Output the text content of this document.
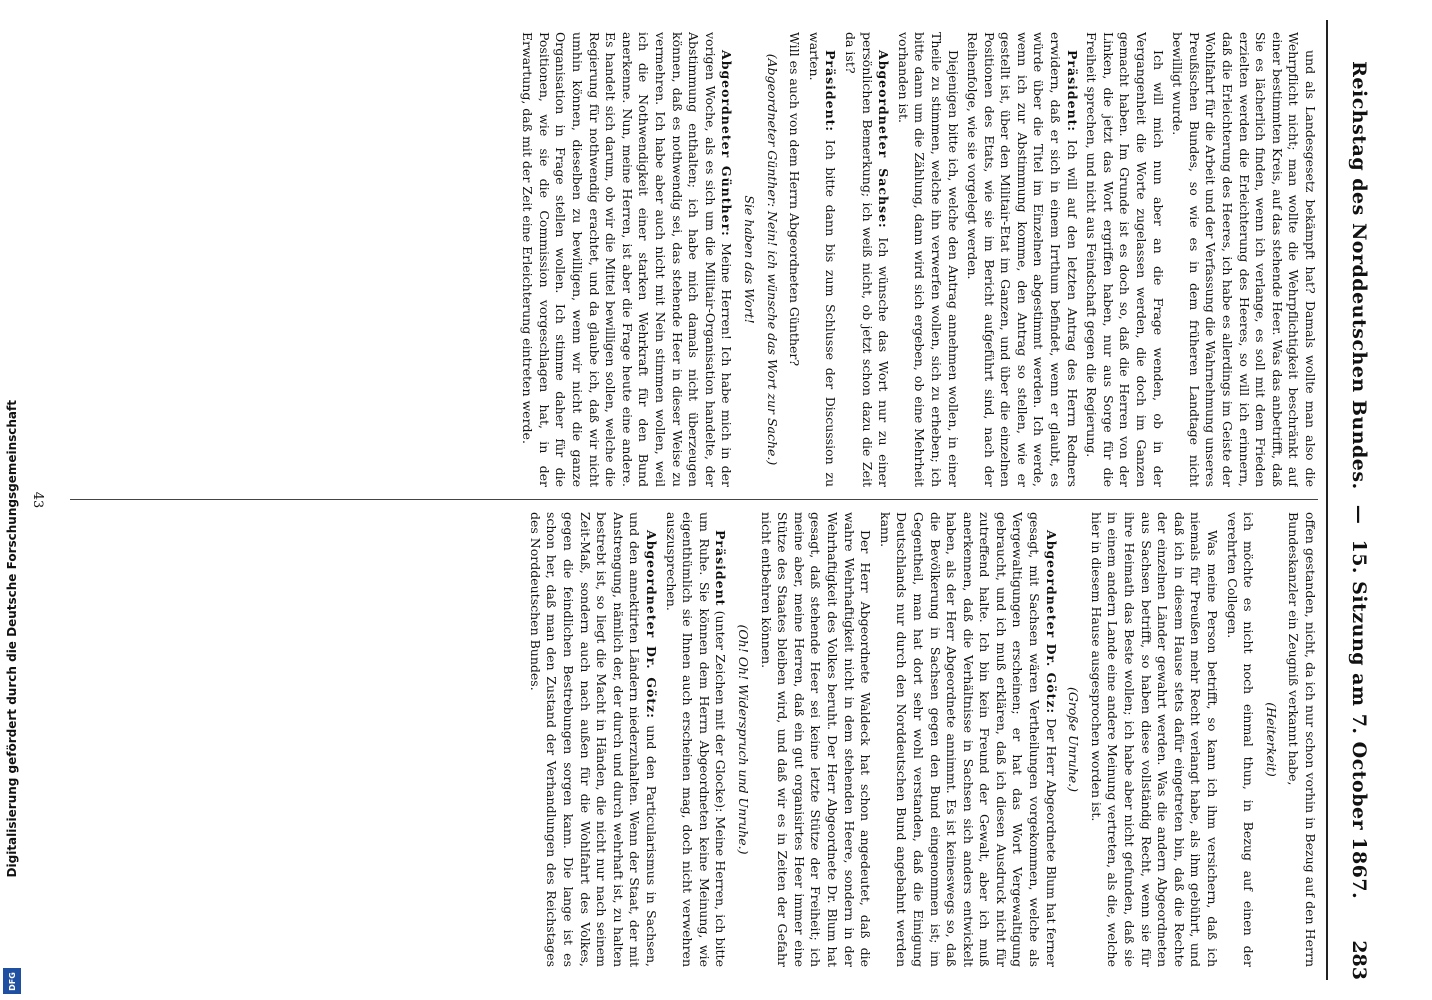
Reichstag des Norddeutschen Bundes. — 15. Sitzung am 7. October 1867.
283

und als Landesgesetz bekämpft hat? Damals wollte man also die Wehrpflicht nicht; man wollte die Wehrpflichtigkeit beschränkt auf einer bestimmten Kreis, auf das stehende Heer. Was das anbetrifft, daß Sie es lächerlich finden, wenn ich verlange, es soll mit dem Frieden erzielten werden die Erleichterung des Heeres, so will ich erinnern, daß die Erleichterung des Heeres, ich habe es allerdings im Geiste der Wohlfahrt für die Arbeit und der Verfassung die Wahrnehmung unseres Preußischen Bundes, so wie es in dem früheren Landtage nicht bewilligt wurde.

Ich will mich nun aber an die Frage wenden, ob in der Vergangenheit die Worte zugelassen werden, die doch im Ganzen gemacht haben. Im Grunde ist es doch so, daß die Herren von der Linken, die jetzt das Wort ergriffen haben, nur aus Sorge für die Freiheit sprechen, und nicht aus Feindschaft gegen die Regierung.

Präsident: Ich will auf den letzten Antrag des Herrn Redners erwidern, daß er sich in einem Irrthum befindet, wenn er glaubt, es würde über die Titel im Einzelnen abgestimmt werden. Ich werde, wenn ich zur Abstimmung komme, den Antrag so stellen, wie er gestellt ist, über den Militair-Etat im Ganzen, und über die einzelnen Positionen des Etats, wie sie im Bericht aufgeführt sind, nach der Reihenfolge, wie sie vorgelegt werden.

Diejenigen bitte ich, welche den Antrag annehmen wollen, in einer Theile zu stimmen, welche ihn verwerfen wollen, sich zu erheben; ich bitte dann um die Zählung, dann wird sich ergeben, ob eine Mehrheit vorhanden ist.

Abgeordneter Sachse: Ich wünsche das Wort nur zu einer persönlichen Bemerkung; ich weiß nicht, ob jetzt schon dazu die Zeit da ist?

Präsident: Ich bitte dann bis zum Schlusse der Discussion zu warten.

Will es auch von dem Herrn Abgeordneten Günther?

(Abgeordneter Günther: Nein! ich wünsche das Wort zur Sache.)

Sie haben das Wort!

Abgeordneter Günther: Meine Herren! Ich habe mich in der vorigen Woche, als es sich um die Militair-Organisation handelte, der Abstimmung enthalten; ich habe mich damals nicht überzeugen können, daß es nothwendig sei, das stehende Heer in dieser Weise zu vermehren. Ich habe aber auch nicht mit Nein stimmen wollen, weil ich die Nothwendigkeit einer starken Wehrkraft für den Bund anerkenne. Nun, meine Herren, ist aber die Frage heute eine andere. Es handelt sich darum, ob wir die Mittel bewilligen sollen, welche die Regierung für nothwendig erachtet, und da glaube ich, daß wir nicht umhin können, dieselben zu bewilligen, wenn wir nicht die ganze Organisation in Frage stellen wollen. Ich stimme daher für die Positionen, wie sie die Commission vorgeschlagen hat, in der Erwartung, daß mit der Zeit eine Erleichterung eintreten werde.

offen gestanden, nicht, da ich nur schon vorhin in Bezug auf den Herrn Bundeskanzler ein Zeugniß verkannt habe,

(Heiterkeit)

ich möchte es nicht noch einmal thun, in Bezug auf einen der verehrten Collegen.

Was meine Person betrifft, so kann ich ihm versichern, daß ich niemals für Preußen mehr Recht verlangt habe, als ihm gebührt, und daß ich in diesem Hause stets dafür eingetreten bin, daß die Rechte der einzelnen Länder gewahrt werden. Was die andern Abgeordneten aus Sachsen betrifft, so haben diese vollständig Recht, wenn sie für ihre Heimath das Beste wollen; ich habe aber nicht gefunden, daß sie in einem andern Lande eine andere Meinung vertreten, als die, welche hier in diesem Hause ausgesprochen worden ist.

(Große Unruhe.)

Abgeordneter Dr. Götz: Der Herr Abgeordnete Blum hat ferner gesagt, mit Sachsen wären Vertheilungen vorgekommen, welche als Vergewaltigungen erscheinen; er hat das Wort Vergewaltigung gebraucht, und ich muß erklären, daß ich diesen Ausdruck nicht für zutreffend halte. Ich bin kein Freund der Gewalt, aber ich muß anerkennen, daß die Verhältnisse in Sachsen sich anders entwickelt haben, als der Herr Abgeordnete annimmt. Es ist keineswegs so, daß die Bevölkerung in Sachsen gegen den Bund eingenommen ist; im Gegentheil, man hat dort sehr wohl verstanden, daß die Einigung Deutschlands nur durch den Norddeutschen Bund angebahnt werden kann.

Der Herr Abgeordnete Waldeck hat schon angedeutet, daß die wahre Wehrhaftigkeit nicht in dem stehenden Heere, sondern in der Wehrhaftigkeit des Volkes beruht. Der Herr Abgeordnete Dr. Blum hat gesagt, daß stehende Heer sei keine letzte Stütze der Freiheit; ich meine aber, meine Herren, daß ein gut organisirtes Heer immer eine Stütze des Staates bleiben wird, und daß wir es in Zeiten der Gefahr nicht entbehren können.

(Oh! Oh! Widerspruch und Unruhe.)

Präsident (unter Zeichen mit der Glocke): Meine Herren, ich bitte um Ruhe. Sie können dem Herrn Abgeordneten keine Meinung, wie eigenthümlich sie Ihnen auch erscheinen mag, doch nicht verwehren auszusprechen.

Abgeordneter Dr. Götz: und den Particularismus in Sachsen, und den annektirten Ländern niederzuhalten. Wenn der Staat, der mit Anstrengung, nämlich der, der durch und durch wehrhaft ist, zu halten bestrebt ist, so liegt die Macht in Händen, die nicht nur nach seinem Zeit-Maß, sondern auch nach außen für die Wohlfahrt des Volkes, gegen die feindlichen Bestrebungen sorgen kann. Die lange ist es schon her, daß man den Zustand der Verhandlungen des Reichstages des Norddeutschen Bundes.

43
Digitalisierung gefördert durch die Deutsche Forschungsgemeinschaft
DFG
